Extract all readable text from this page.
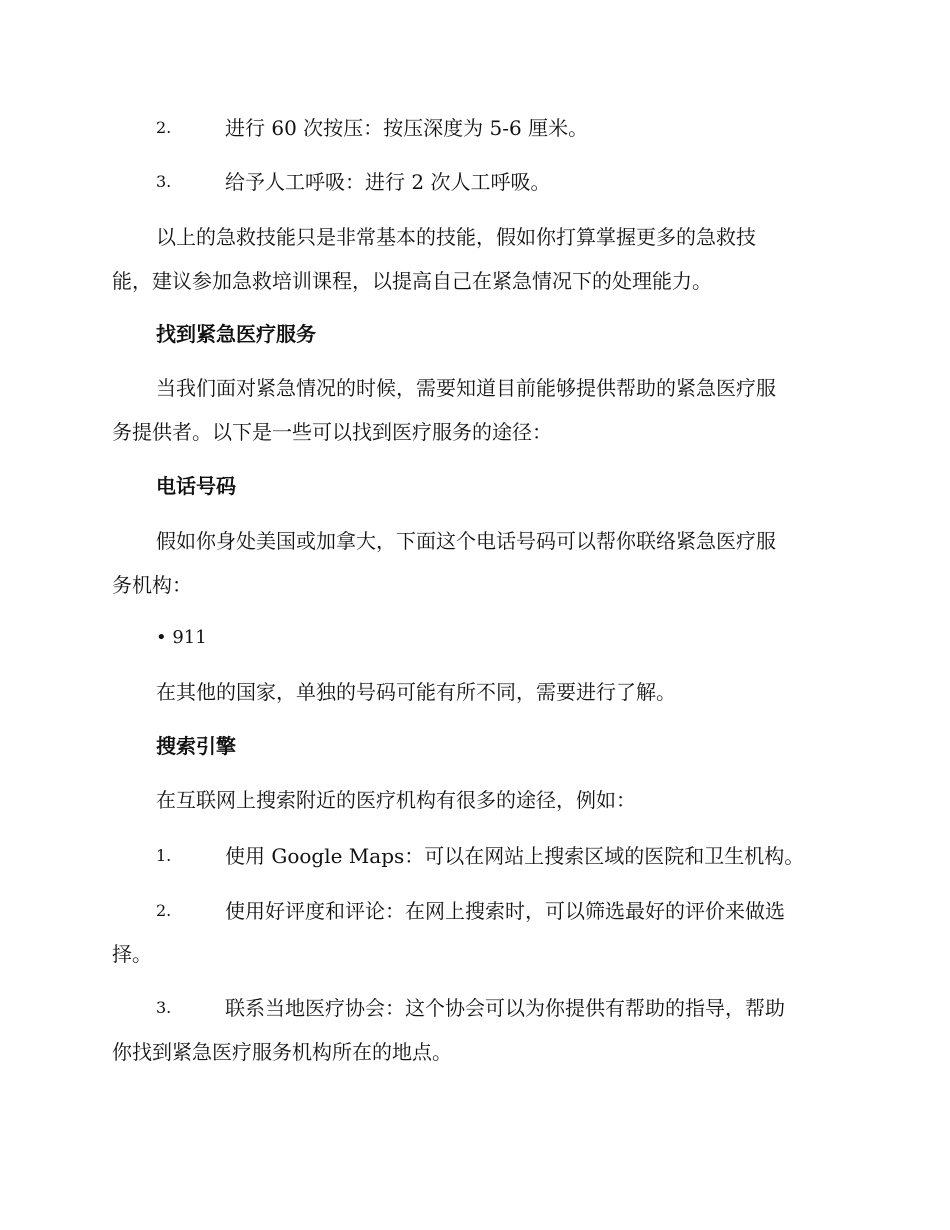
2.	进行 60 次按压：按压深度为 5-6 厘米。
3.	给予人工呼吸：进行 2 次人工呼吸。
以上的急救技能只是非常基本的技能，假如你打算掌握更多的急救技
能，建议参加急救培训课程，以提高自己在紧急情况下的处理能力。
找到紧急医疗服务
当我们面对紧急情况的时候，需要知道目前能够提供帮助的紧急医疗服
务提供者。以下是一些可以找到医疗服务的途径：
电话号码
假如你身处美国或加拿大，下面这个电话号码可以帮你联络紧急医疗服
务机构：
• 911
在其他的国家，单独的号码可能有所不同，需要进行了解。
搜索引擎
在互联网上搜索附近的医疗机构有很多的途径，例如：
1.	使用 Google Maps：可以在网站上搜索区域的医院和卫生机构。
2.	使用好评度和评论：在网上搜索时，可以筛选最好的评价来做选
择。
3.	联系当地医疗协会：这个协会可以为你提供有帮助的指导，帮助
你找到紧急医疗服务机构所在的地点。
